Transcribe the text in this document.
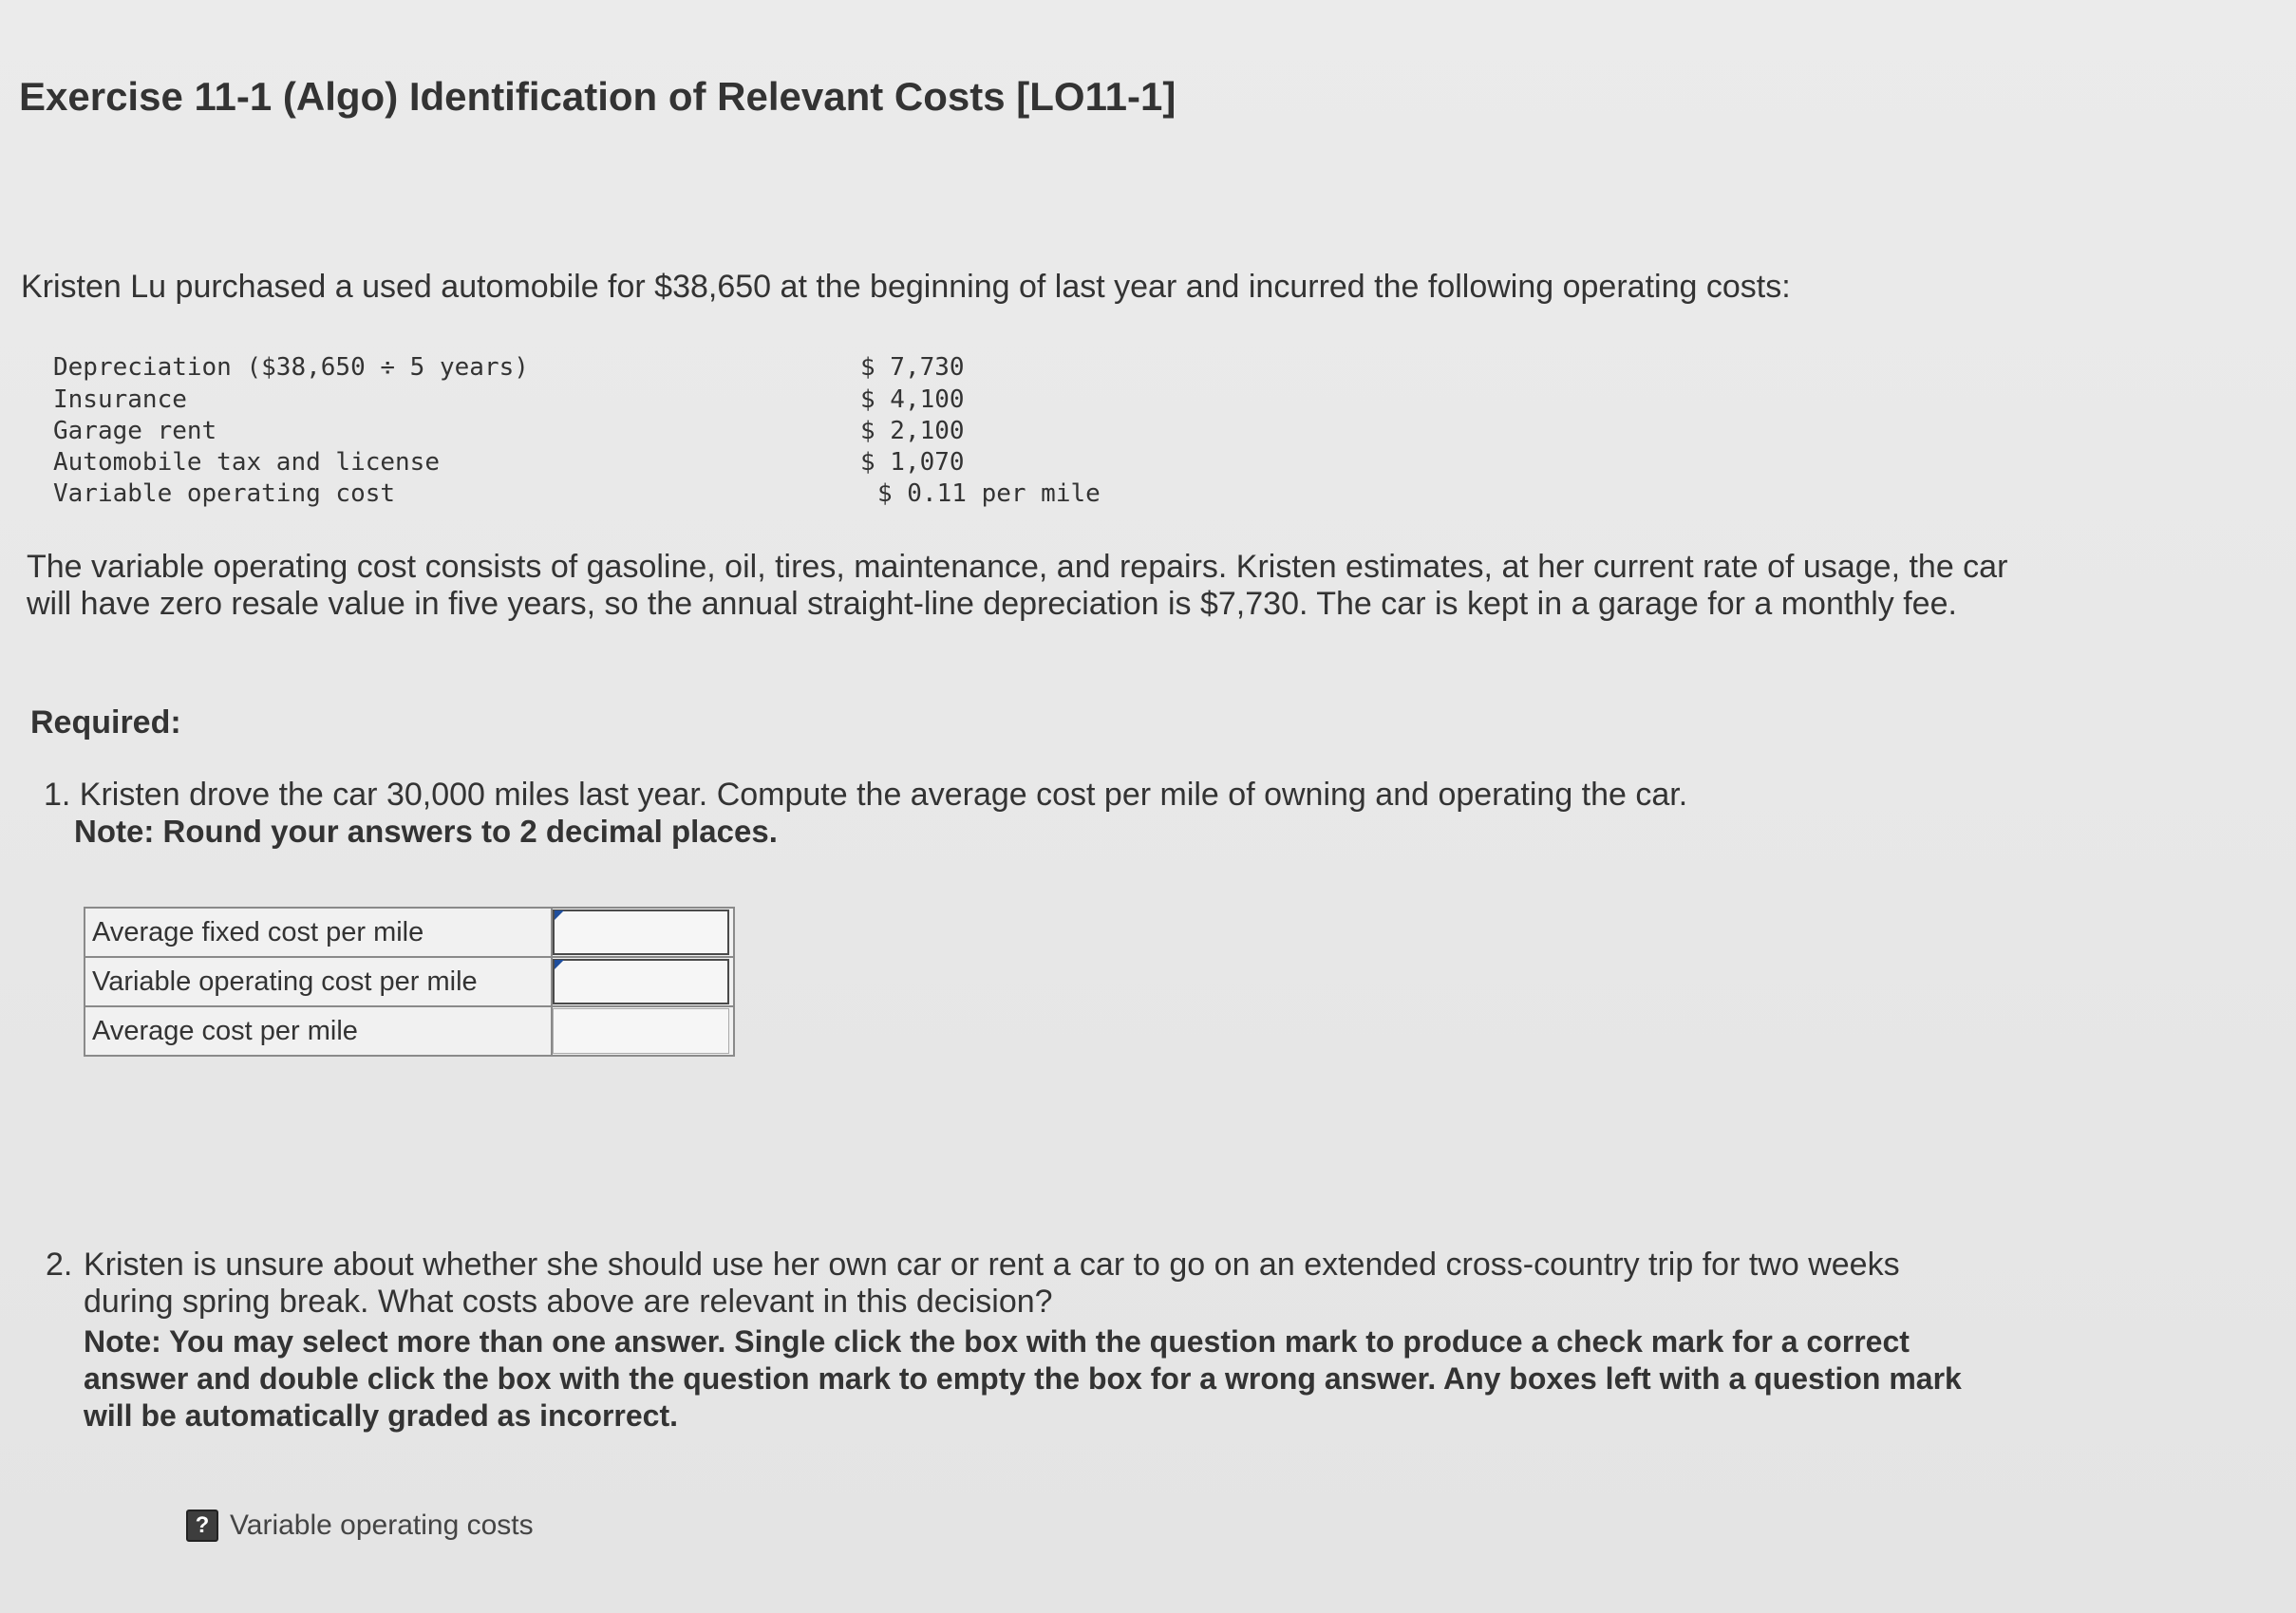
Exercise 11-1 (Algo) Identification of Relevant Costs [LO11-1]
Kristen Lu purchased a used automobile for $38,650 at the beginning of last year and incurred the following operating costs:
Depreciation ($38,650 ÷ 5 years)	$ 7,730
Insurance	$ 4,100
Garage rent	$ 2,100
Automobile tax and license	$ 1,070
Variable operating cost	$ 0.11 per mile
The variable operating cost consists of gasoline, oil, tires, maintenance, and repairs. Kristen estimates, at her current rate of usage, the car will have zero resale value in five years, so the annual straight-line depreciation is $7,730. The car is kept in a garage for a monthly fee.
Required:
1. Kristen drove the car 30,000 miles last year. Compute the average cost per mile of owning and operating the car.
Note: Round your answers to 2 decimal places.
Average fixed cost per mile	

Variable operating cost per mile	

Average cost per mile	
2. Kristen is unsure about whether she should use her own car or rent a car to go on an extended cross-country trip for two weeks during spring break. What costs above are relevant in this decision?
Note: You may select more than one answer. Single click the box with the question mark to produce a check mark for a correct answer and double click the box with the question mark to empty the box for a wrong answer. Any boxes left with a question mark will be automatically graded as incorrect.
? Variable operating costs
